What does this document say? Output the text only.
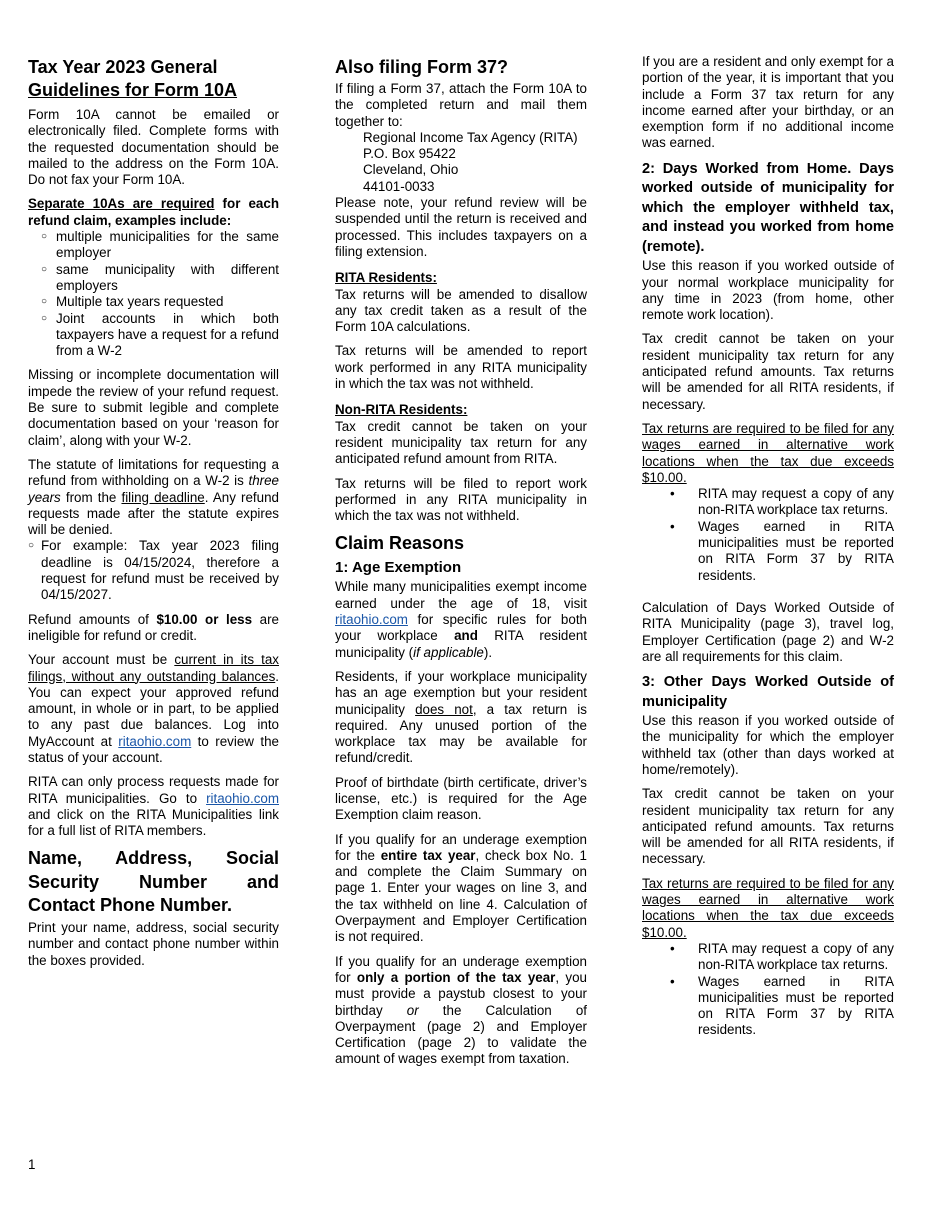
Tax Year 2023 General
Guidelines for Form 10A

Form 10A cannot be emailed or electronically filed. Complete forms with the requested documentation should be mailed to the address on the Form 10A. Do not fax your Form 10A.

Separate 10As are required for each refund claim, examples include:

○ multiple municipalities for the same employer
○ same municipality with different employers
○ Multiple tax years requested
○ Joint accounts in which both taxpayers have a request for a refund from a W-2

Missing or incomplete documentation will impede the review of your refund request. Be sure to submit legible and complete documentation based on your ‘reason for claim’, along with your W-2.

The statute of limitations for requesting a refund from withholding on a W-2 is three years from the filing deadline. Any refund requests made after the statute expires will be denied.

○ For example: Tax year 2023 filing deadline is 04/15/2024, therefore a request for refund must be received by 04/15/2027.

Refund amounts of $10.00 or less are ineligible for refund or credit.

Your account must be current in its tax filings, without any outstanding balances. You can expect your approved refund amount, in whole or in part, to be applied to any past due balances. Log into MyAccount at ritaohio.com to review the status of your account.

RITA can only process requests made for RITA municipalities. Go to ritaohio.com and click on the RITA Municipalities link for a full list of RITA members.

Name, Address, Social Security Number and Contact Phone Number.

Print your name, address, social security number and contact phone number within the boxes provided.

Also filing Form 37?

If filing a Form 37, attach the Form 10A to the completed return and mail them together to:

Regional Income Tax Agency (RITA)
P.O. Box 95422
Cleveland, Ohio
44101-0033

Please note, your refund review will be suspended until the return is received and processed. This includes taxpayers on a filing extension.

RITA Residents:

Tax returns will be amended to disallow any tax credit taken as a result of the Form 10A calculations.

Tax returns will be amended to report work performed in any RITA municipality in which the tax was not withheld.

Non-RITA Residents:

Tax credit cannot be taken on your resident municipality tax return for any anticipated refund amount from RITA.

Tax returns will be filed to report work performed in any RITA municipality in which the tax was not withheld.

Claim Reasons
1: Age Exemption

While many municipalities exempt income earned under the age of 18, visit ritaohio.com for specific rules for both your workplace and RITA resident municipality (if applicable).

Residents, if your workplace municipality has an age exemption but your resident municipality does not, a tax return is required. Any unused portion of the workplace tax may be available for refund/credit.

Proof of birthdate (birth certificate, driver’s license, etc.) is required for the Age Exemption claim reason.

If you qualify for an underage exemption for the entire tax year, check box No. 1 and complete the Claim Summary on page 1. Enter your wages on line 3, and the tax withheld on line 4. Calculation of Overpayment and Employer Certification is not required.

If you qualify for an underage exemption for only a portion of the tax year, you must provide a paystub closest to your birthday or the Calculation of Overpayment (page 2) and Employer Certification (page 2) to validate the amount of wages exempt from taxation.

If you are a resident and only exempt for a portion of the year, it is important that you include a Form 37 tax return for any income earned after your birthday, or an exemption form if no additional income was earned.

2: Days Worked from Home. Days worked outside of municipality for which the employer withheld tax, and instead you worked from home (remote).

Use this reason if you worked outside of your normal workplace municipality for any time in 2023 (from home, other remote work location).

Tax credit cannot be taken on your resident municipality tax return for any anticipated refund amounts. Tax returns will be amended for all RITA residents, if necessary.

Tax returns are required to be filed for any wages earned in alternative work locations when the tax due exceeds $10.00.

• RITA may request a copy of any non-RITA workplace tax returns.
• Wages earned in RITA municipalities must be reported on RITA Form 37 by RITA residents.

Calculation of Days Worked Outside of RITA Municipality (page 3), travel log, Employer Certification (page 2) and W-2 are all requirements for this claim.

3: Other Days Worked Outside of municipality

Use this reason if you worked outside of the municipality for which the employer withheld tax (other than days worked at home/remotely).

Tax credit cannot be taken on your resident municipality tax return for any anticipated refund amounts. Tax returns will be amended for all RITA residents, if necessary.

Tax returns are required to be filed for any wages earned in alternative work locations when the tax due exceeds $10.00.

• RITA may request a copy of any non-RITA workplace tax returns.
• Wages earned in RITA municipalities must be reported on RITA Form 37 by RITA residents.
1
